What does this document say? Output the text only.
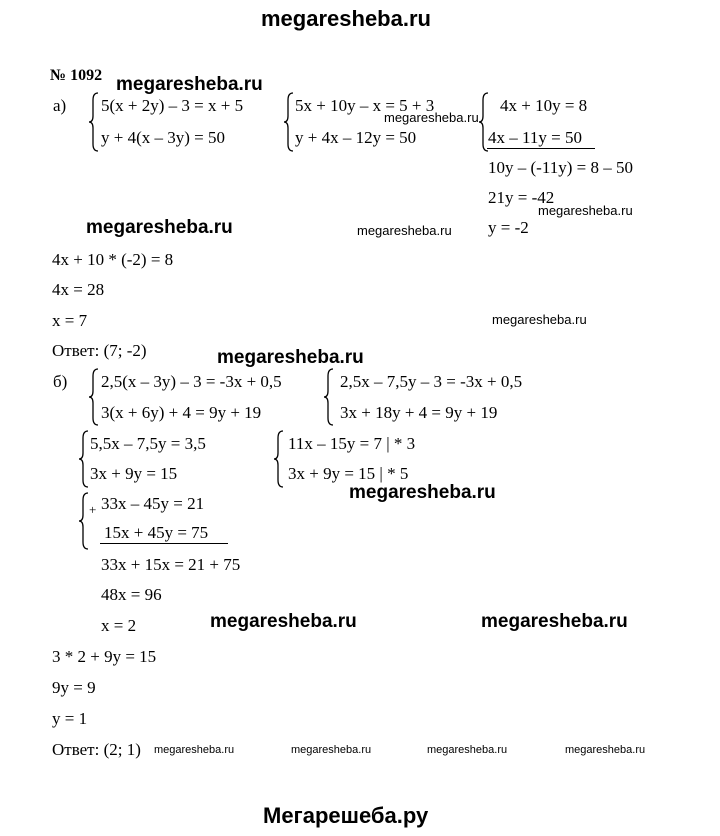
megaresheba.ru
№ 1092 megaresheba.ru
а) 5(x + 2y) – 3 = x + 5
y + 4(x – 3y) = 50
5x + 10y – x = 5 + 3
y + 4x – 12y = 50
megaresheba.ru
4x + 10y = 8
4x – 11y = 50
10y – (-11y) = 8 – 50
21y = -42
megaresheba.ru
y = -2
megaresheba.ru	megaresheba.ru
4x + 10 * (-2) = 8
4x = 28
x = 7	megaresheba.ru
Ответ: (7; -2)	megaresheba.ru
б) 2,5(x – 3y) – 3 = -3x + 0,5
3(x + 6y) + 4 = 9y + 19
2,5x – 7,5y – 3 = -3x + 0,5
3x + 18y + 4 = 9y + 19
5,5x – 7,5y = 3,5
3x + 9y = 15
11x – 15y = 7 | * 3
3x + 9y = 15 | * 5
megaresheba.ru
+ 33x – 45y = 21
15x + 45y = 75
33x + 15x = 21 + 75
48x = 96
x = 2	megaresheba.ru	megaresheba.ru
3 * 2 + 9y = 15
9y = 9
y = 1
Ответ: (2; 1) megaresheba.ru	megaresheba.ru	megaresheba.ru	megaresheba.ru
Мегарешеба.ру
